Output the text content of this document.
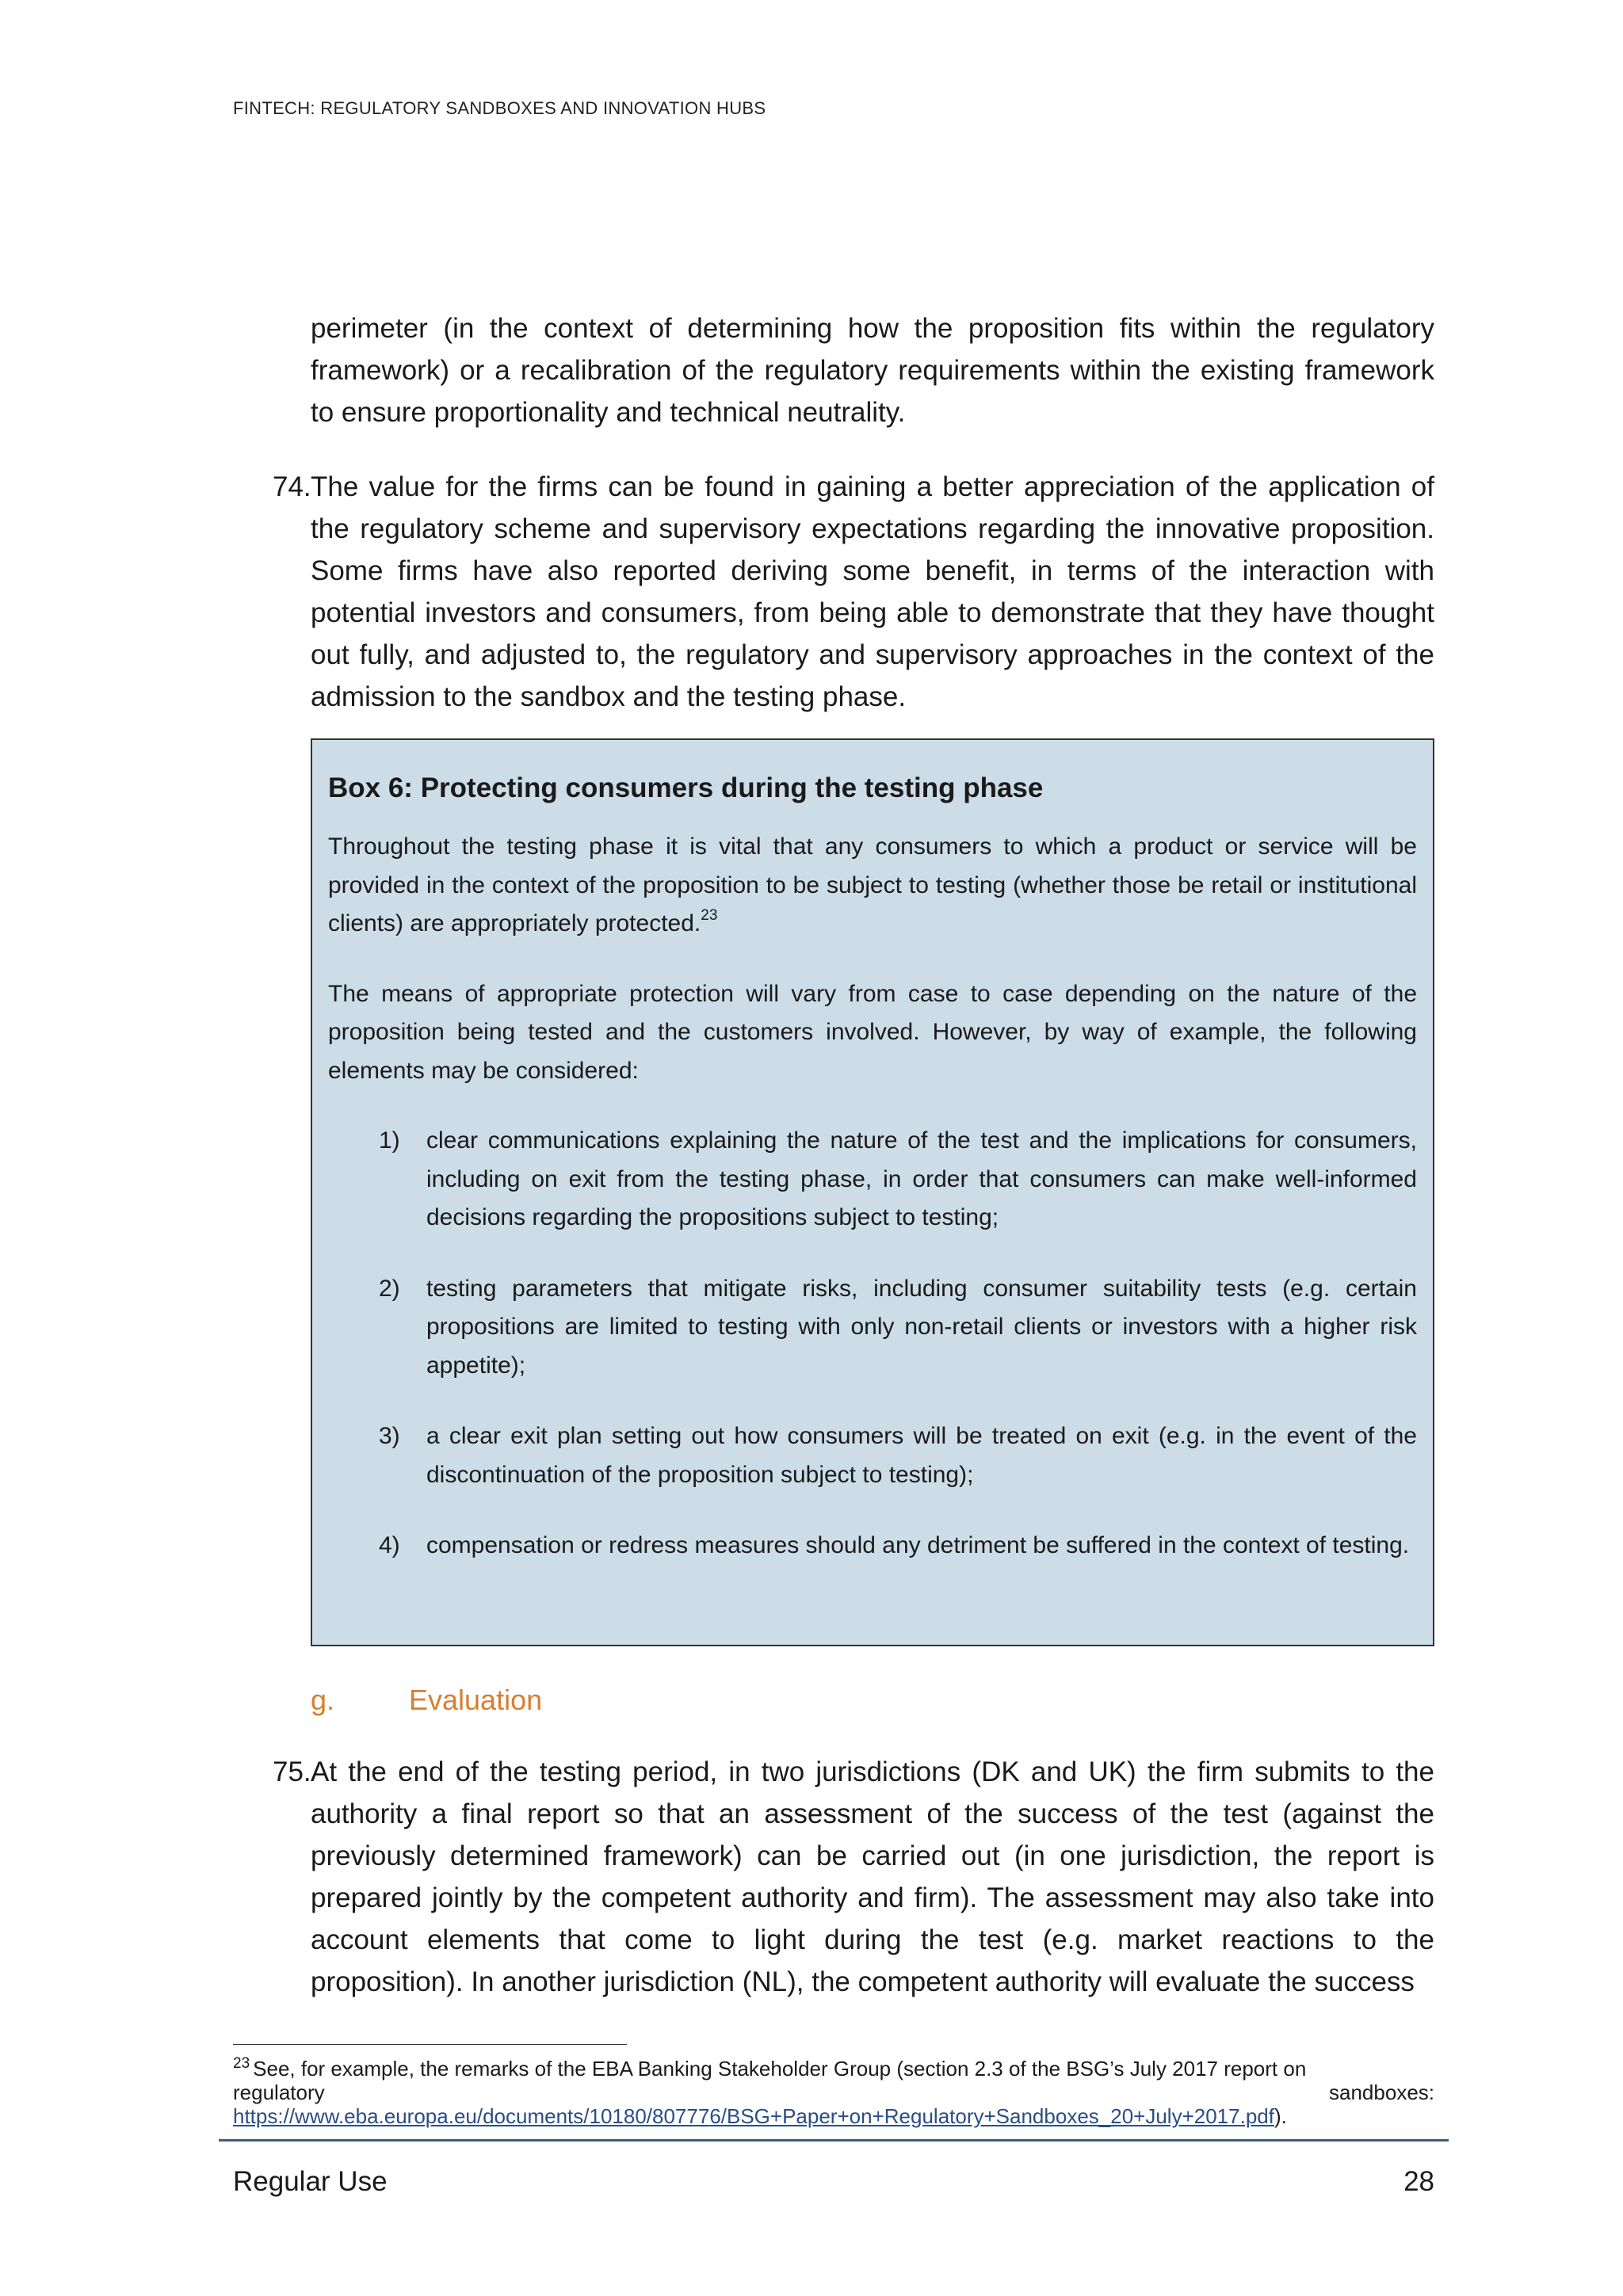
FINTECH: REGULATORY SANDBOXES AND INNOVATION HUBS
perimeter (in the context of determining how the proposition fits within the regulatory framework) or a recalibration of the regulatory requirements within the existing framework to ensure proportionality and technical neutrality.
74. The value for the firms can be found in gaining a better appreciation of the application of the regulatory scheme and supervisory expectations regarding the innovative proposition. Some firms have also reported deriving some benefit, in terms of the interaction with potential investors and consumers, from being able to demonstrate that they have thought out fully, and adjusted to, the regulatory and supervisory approaches in the context of the admission to the sandbox and the testing phase.
Box 6: Protecting consumers during the testing phase

Throughout the testing phase it is vital that any consumers to which a product or service will be provided in the context of the proposition to be subject to testing (whether those be retail or institutional clients) are appropriately protected.$^{23}$

The means of appropriate protection will vary from case to case depending on the nature of the proposition being tested and the customers involved. However, by way of example, the following elements may be considered:

1) clear communications explaining the nature of the test and the implications for consumers, including on exit from the testing phase, in order that consumers can make well-informed decisions regarding the propositions subject to testing;
2) testing parameters that mitigate risks, including consumer suitability tests (e.g. certain propositions are limited to testing with only non-retail clients or investors with a higher risk appetite);
3) a clear exit plan setting out how consumers will be treated on exit (e.g. in the event of the discontinuation of the proposition subject to testing);
4) compensation or redress measures should any detriment be suffered in the context of testing.
g.	Evaluation
75. At the end of the testing period, in two jurisdictions (DK and UK) the firm submits to the authority a final report so that an assessment of the success of the test (against the previously determined framework) can be carried out (in one jurisdiction, the report is prepared jointly by the competent authority and firm). The assessment may also take into account elements that come to light during the test (e.g. market reactions to the proposition). In another jurisdiction (NL), the competent authority will evaluate the success
$^{23}$ See, for example, the remarks of the EBA Banking Stakeholder Group (section 2.3 of the BSG’s July 2017 report on
regulatory	sandboxes:
https://www.eba.europa.eu/documents/10180/807776/BSG+Paper+on+Regulatory+Sandboxes_20+July+2017.pdf).
Regular Use	28
